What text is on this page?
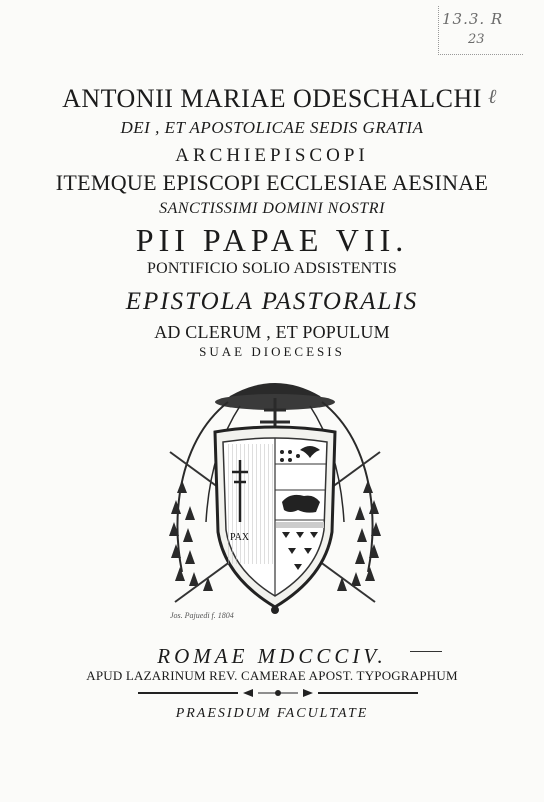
13.3. R
23
ANTONII MARIAE ODESCHALCHI ℓ
DEI , ET APOSTOLICAE SEDIS GRATIA
ARCHIEPISCOPI
ITEMQUE EPISCOPI ECCLESIAE AESINAE
SANCTISSIMI DOMINI NOSTRI
PII PAPAE VII.
PONTIFICIO SOLIO ADSISTENTIS
EPISTOLA PASTORALIS
AD CLERUM , ET POPULUM
SUAE DIOECESIS
PAX
Jos. Pajuedi f. 1804
ROMAE MDCCCIV.
APUD LAZARINUM REV. CAMERAE APOST. TYPOGRAPHUM
PRAESIDUM FACULTATE
